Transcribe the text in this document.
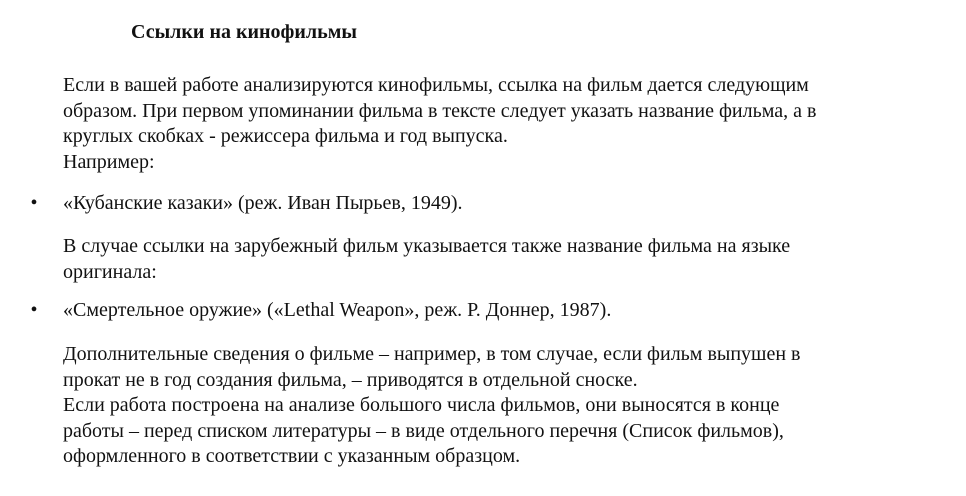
Ссылки на кинофильмы

Если в вашей работе анализируются кинофильмы, ссылка на фильм дается следующим
образом. При первом упоминании фильма в тексте следует указать название фильма, а в
круглых скобках - режиссера фильма и год выпуска.
Например:

• «Кубанские казаки» (реж. Иван Пырьев, 1949).

В случае ссылки на зарубежный фильм указывается также название фильма на языке
оригинала:

• «Смертельное оружие» («Lethal Weapon», реж. Р. Доннер, 1987).

Дополнительные сведения о фильме – например, в том случае, если фильм выпушен в
прокат не в год создания фильма, – приводятся в отдельной сноске.
Если работа построена на анализе большого числа фильмов, они выносятся в конце
работы – перед списком литературы – в виде отдельного перечня (Список фильмов),
оформленного в соответствии с указанным образцом.
